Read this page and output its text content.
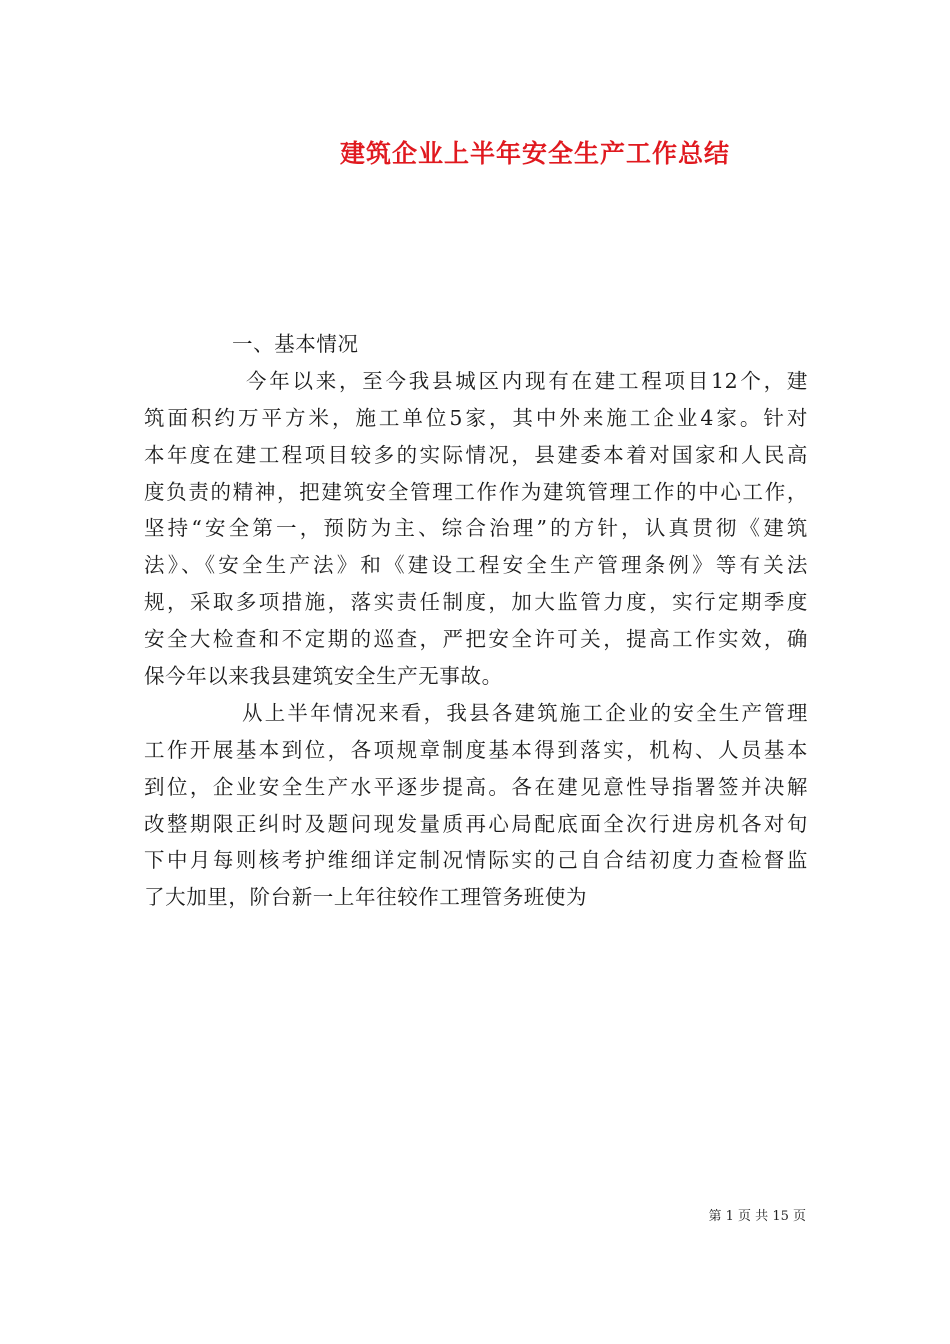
建筑企业上半年安全生产工作总结
一、基本情况
今年以来，至今我县城区内现有在建工程项目12个，建
筑面积约万平方米，施工单位5家，其中外来施工企业4家。针对
本年度在建工程项目较多的实际情况，县建委本着对国家和人民高
度负责的精神，把建筑安全管理工作作为建筑管理工作的中心工作，
坚持“安全第一，预防为主、综合治理”的方针，认真贯彻《建筑
法》、《安全生产法》和《建设工程安全生产管理条例》等有关法
规，采取多项措施，落实责任制度，加大监管力度，实行定期季度
安全大检查和不定期的巡查，严把安全许可关，提高工作实效，确
保今年以来我县建筑安全生产无事故。
从上半年情况来看，我县各建筑施工企业的安全生产管理
工作开展基本到位，各项规章制度基本得到落实，机构、人员基本
到位，企业安全生产水平逐步提高。各在建见意性导指署签并决解
改整期限正纠时及题问现发量质再心局配底面全次行进房机各对旬
下中月每则核考护维细详定制况情际实的己自合结初度力查检督监
了大加里，阶台新一上年往较作工理管务班使为
第 1 页 共 15 页
